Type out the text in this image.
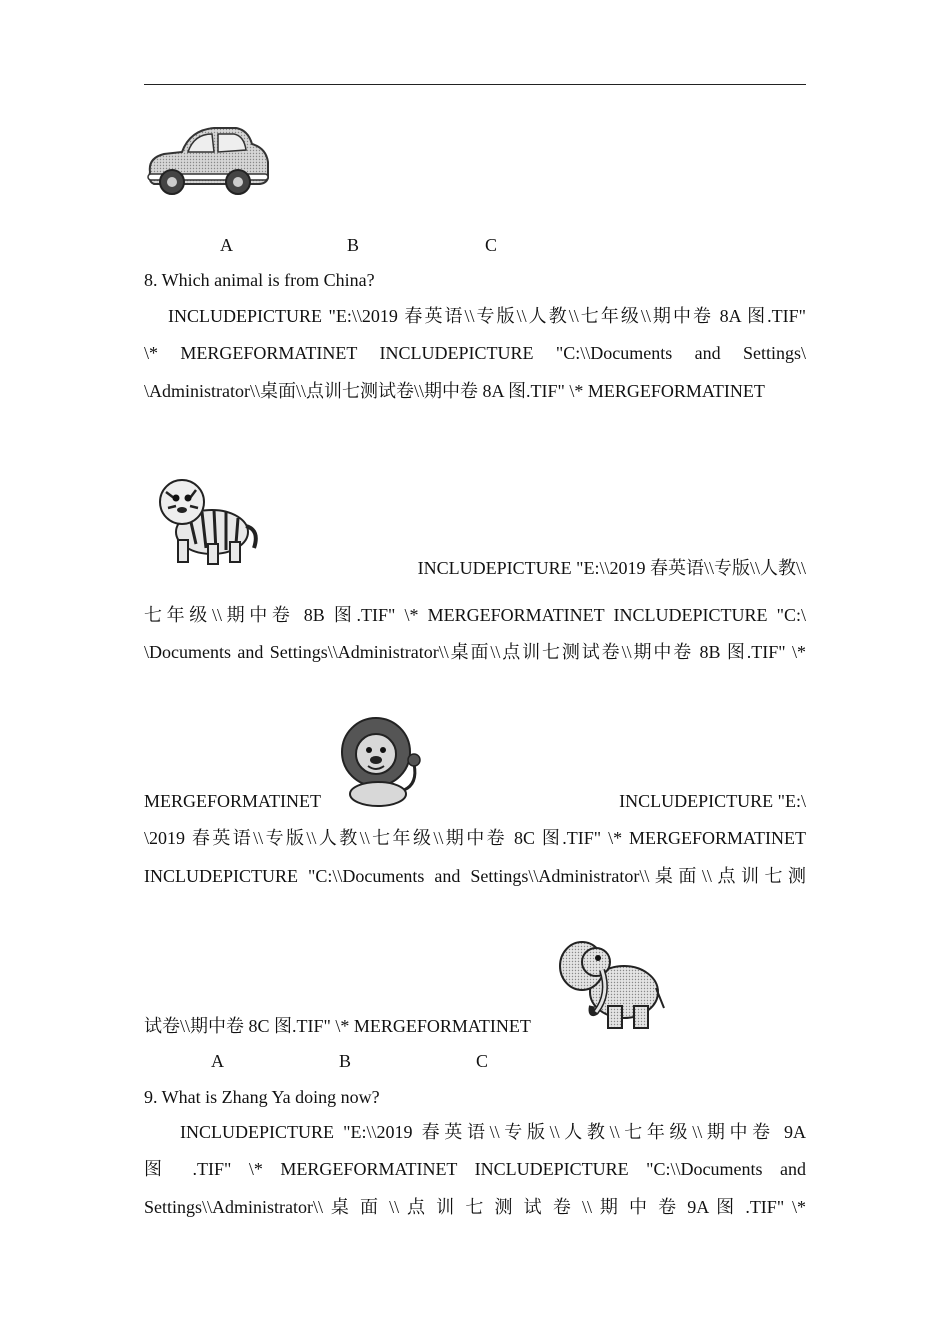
A	B	C
8. Which animal is from China?
INCLUDEPICTURE "E:\\2019 春英语\\专版\\人教\\七年级\\期中卷 8A 图.TIF"
\* MERGEFORMATINET INCLUDEPICTURE "C:\\Documents and Settings\
\Administrator\\桌面\\点训七测试卷\\期中卷 8A 图.TIF" \* MERGEFORMATINET
INCLUDEPICTURE "E:\\2019 春英语\\专版\\人教\\
七年级\\期中卷 8B 图.TIF" \* MERGEFORMATINET INCLUDEPICTURE "C:\
\Documents and Settings\\Administrator\\桌面\\点训七测试卷\\期中卷 8B 图.TIF" \*
MERGEFORMATINET	INCLUDEPICTURE "E:\
\2019 春英语\\专版\\人教\\七年级\\期中卷 8C 图.TIF" \* MERGEFORMATINET
INCLUDEPICTURE "C:\\Documents and Settings\\Administrator\\桌面\\点训七测
试卷\\期中卷 8C 图.TIF" \* MERGEFORMATINET
A	B	C
9. What is Zhang Ya doing now?
INCLUDEPICTURE "E:\\2019 春英语\\专版\\人教\\七年级\\期中卷 9A
图 .TIF" \* MERGEFORMATINET INCLUDEPICTURE "C:\\Documents and
Settings\\Administrator\\ 桌 面 \\ 点 训 七 测 试 卷 \\ 期 中 卷 9A 图 .TIF" \*
